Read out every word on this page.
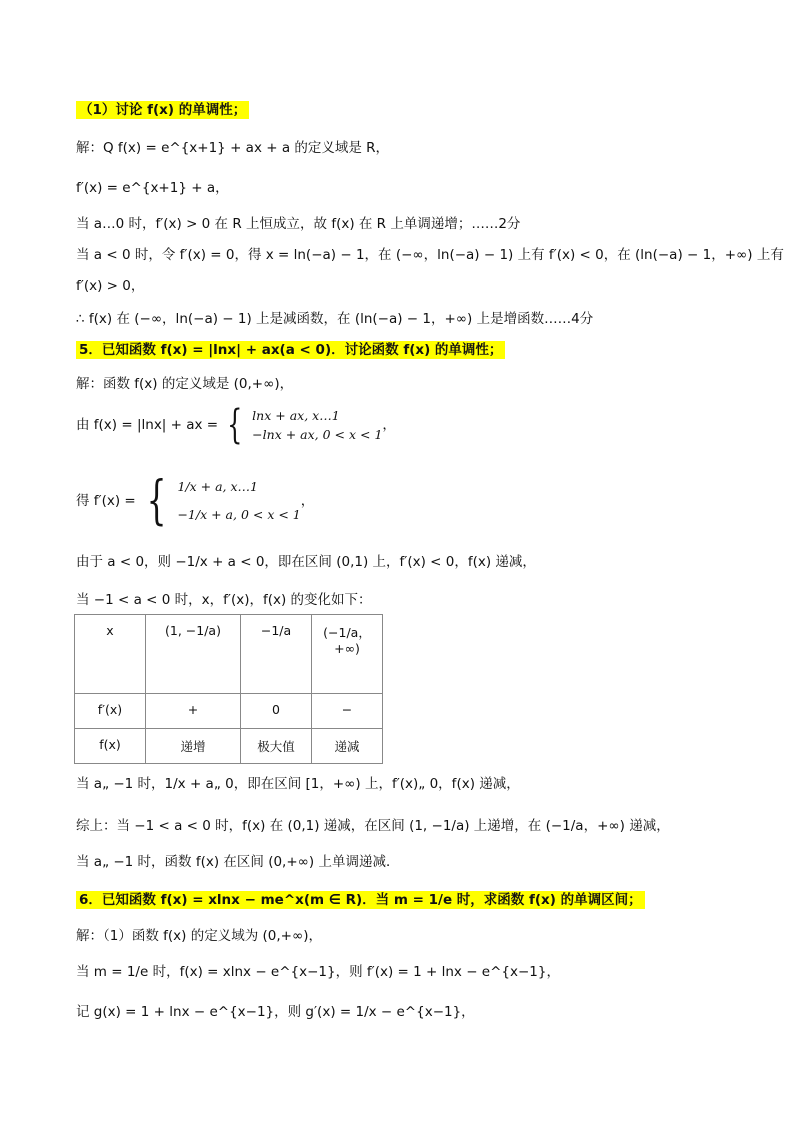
（1）讨论 f(x) 的单调性；
解：Q f(x) = e^{x+1} + ax + a 的定义域是 R，
f′(x) = e^{x+1} + a，
当 a…0 时，f′(x) > 0 在 R 上恒成立，故 f(x) 在 R 上单调递增；……2分
当 a < 0 时，令 f′(x) = 0，得 x = ln(−a) − 1，在 (−∞，ln(−a) − 1) 上有 f′(x) < 0，在 (ln(−a) − 1，+∞) 上有
f′(x) > 0，
∴ f(x) 在 (−∞，ln(−a) − 1) 上是减函数，在 (ln(−a) − 1，+∞) 上是增函数……4分
5．已知函数 f(x) = |lnx| + ax(a < 0)．讨论函数 f(x) 的单调性；
解：函数 f(x) 的定义域是 (0,+∞)，
由 f(x) = |lnx| + ax = { lnx + ax, x…1
−lnx + ax, 0 < x < 1
，
得 f′(x) = { 1/x + a, x…1
−1/x + a, 0 < x < 1
，
由于 a < 0，则 −1/x + a < 0，即在区间 (0,1) 上，f′(x) < 0，f(x) 递减，
当 −1 < a < 0 时，x，f′(x)，f(x) 的变化如下：
x	(1, −1/a)	−1/a	(−1/a，+∞)
f′(x)	+	0	−
f(x)	递增	极大值	递减
当 a„ −1 时，1/x + a„ 0，即在区间 [1，+∞) 上，f′(x)„ 0，f(x) 递减，
综上：当 −1 < a < 0 时，f(x) 在 (0,1) 递减，在区间 (1, −1/a) 上递增，在 (−1/a，+∞) 递减，
当 a„ −1 时，函数 f(x) 在区间 (0,+∞) 上单调递减．
6．已知函数 f(x) = xlnx − me^x(m ∈ R)．当 m = 1/e 时，求函数 f(x) 的单调区间；
解：（1）函数 f(x) 的定义域为 (0,+∞)，
当 m = 1/e 时，f(x) = xlnx − e^{x−1}，则 f′(x) = 1 + lnx − e^{x−1}，
记 g(x) = 1 + lnx − e^{x−1}，则 g′(x) = 1/x − e^{x−1}，
